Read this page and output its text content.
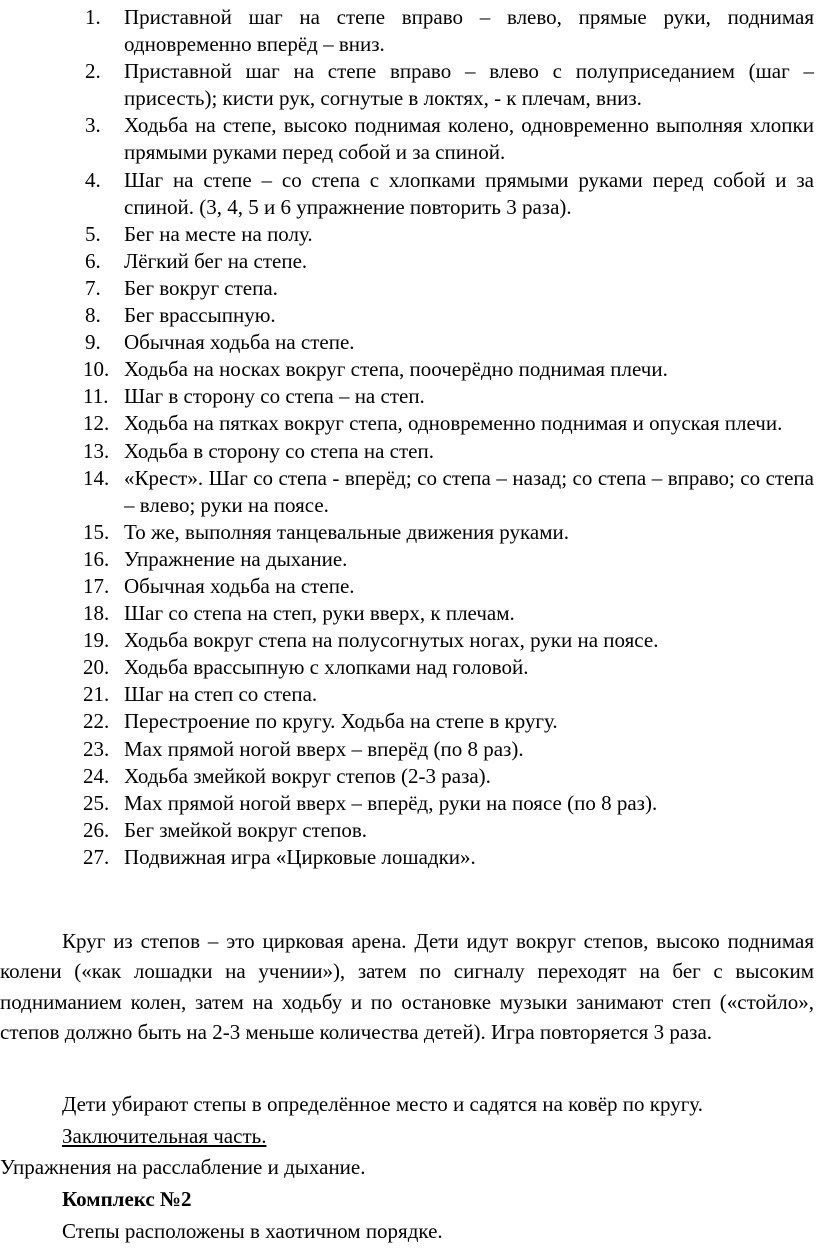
1. Приставной шаг на степе вправо – влево, прямые руки, поднимая одновременно вперёд – вниз.
2. Приставной шаг на степе вправо – влево с полуприседанием (шаг – присесть); кисти рук, согнутые в локтях, - к плечам, вниз.
3. Ходьба на степе, высоко поднимая колено, одновременно выполняя хлопки прямыми руками перед собой и за спиной.
4. Шаг на степе – со степа с хлопками прямыми руками перед собой и за спиной. (3, 4, 5 и 6 упражнение повторить 3 раза).
5. Бег на месте на полу.
6. Лёгкий бег на степе.
7. Бег вокруг степа.
8. Бег врассыпную.
9. Обычная ходьба на степе.
10. Ходьба на носках вокруг степа, поочерёдно поднимая плечи.
11. Шаг в сторону со степа – на степ.
12. Ходьба на пятках вокруг степа, одновременно поднимая и опуская плечи.
13. Ходьба в сторону со степа на степ.
14. «Крест». Шаг со степа - вперёд; со степа – назад; со степа – вправо; со степа – влево; руки на поясе.
15. То же, выполняя танцевальные движения руками.
16. Упражнение на дыхание.
17. Обычная ходьба на степе.
18. Шаг со степа на степ, руки вверх, к плечам.
19. Ходьба вокруг степа на полусогнутых ногах, руки на поясе.
20. Ходьба врассыпную с хлопками над головой.
21. Шаг на степ со степа.
22. Перестроение по кругу. Ходьба на степе в кругу.
23. Мах прямой ногой вверх – вперёд (по 8 раз).
24. Ходьба змейкой вокруг степов (2-3 раза).
25. Мах прямой ногой вверх – вперёд, руки на поясе (по 8 раз).
26. Бег змейкой вокруг степов.
27. Подвижная игра «Цирковые лошадки».

Круг из степов – это цирковая арена. Дети идут вокруг степов, высоко поднимая колени («как лошадки на учении»), затем по сигналу переходят на бег с высоким подниманием колен, затем на ходьбу и по остановке музыки занимают степ («стойло», степов должно быть на 2-3 меньше количества детей). Игра повторяется 3 раза.

Дети убирают степы в определённое место и садятся на ковёр по кругу.

Заключительная часть.

Упражнения на расслабление и дыхание.

Комплекс №2

Степы расположены в хаотичном порядке.
